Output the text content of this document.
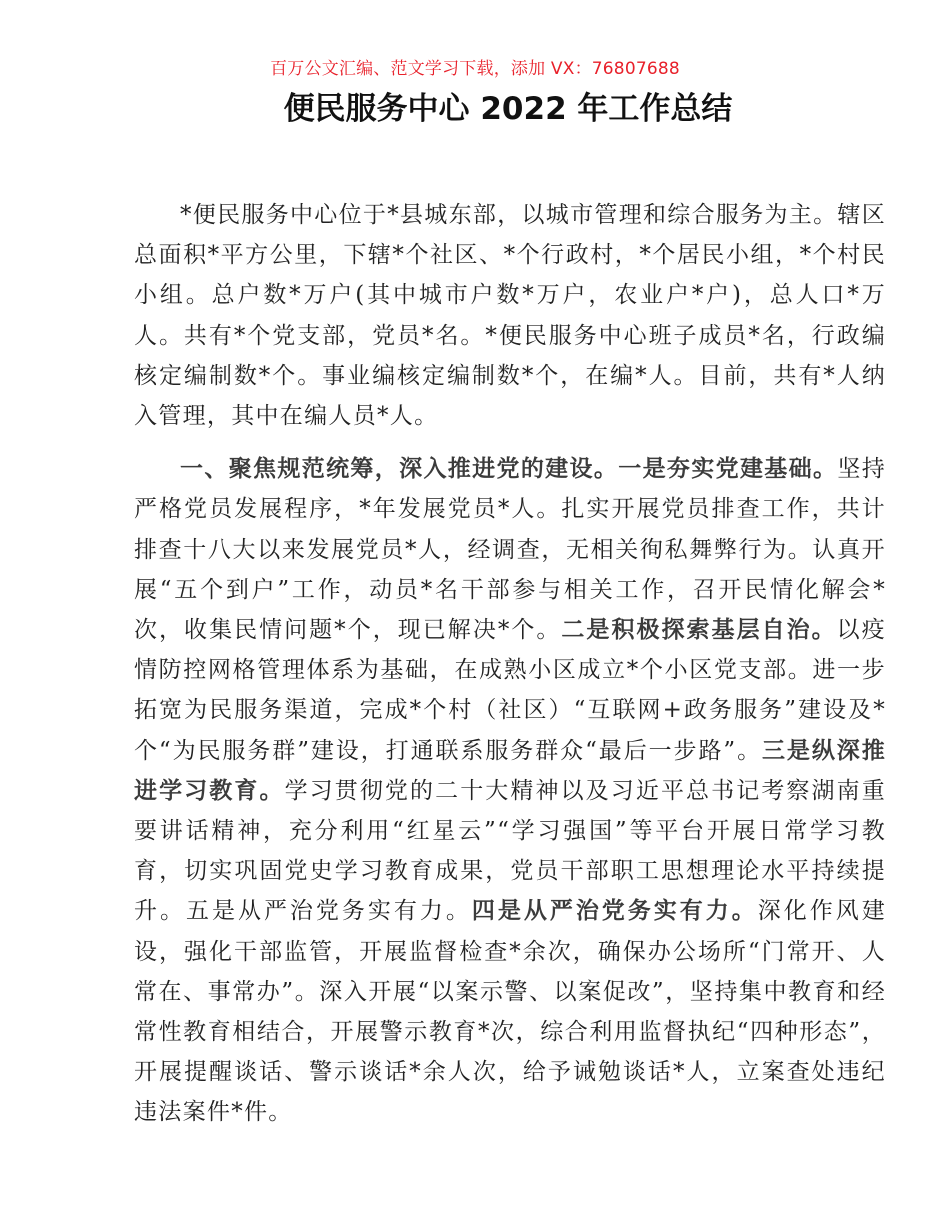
百万公文汇编、范文学习下载，添加 VX：76807688
便民服务中心 2022 年工作总结

*便民服务中心位于*县城东部，以城市管理和综合服务为主。辖区总面积*平方公里，下辖*个社区、*个行政村，*个居民小组，*个村民小组。总户数*万户(其中城市户数*万户，农业户*户)，总人口*万人。共有*个党支部，党员*名。*便民服务中心班子成员*名，行政编核定编制数*个。事业编核定编制数*个，在编*人。目前，共有*人纳入管理，其中在编人员*人。

一、聚焦规范统筹，深入推进党的建设。一是夯实党建基础。坚持严格党员发展程序，*年发展党员*人。扎实开展党员排查工作，共计排查十八大以来发展党员*人，经调查，无相关徇私舞弊行为。认真开展“五个到户”工作，动员*名干部参与相关工作，召开民情化解会*次，收集民情问题*个，现已解决*个。二是积极探索基层自治。以疫情防控网格管理体系为基础，在成熟小区成立*个小区党支部。进一步拓宽为民服务渠道，完成*个村（社区）“互联网+政务服务”建设及*个“为民服务群”建设，打通联系服务群众“最后一步路”。三是纵深推进学习教育。学习贯彻党的二十大精神以及习近平总书记考察湖南重要讲话精神，充分利用“红星云”“学习强国”等平台开展日常学习教育，切实巩固党史学习教育成果，党员干部职工思想理论水平持续提升。五是从严治党务实有力。四是从严治党务实有力。深化作风建设，强化干部监管，开展监督检查*余次，确保办公场所“门常开、人常在、事常办”。深入开展“以案示警、以案促改”，坚持集中教育和经常性教育相结合，开展警示教育*次，综合利用监督执纪“四种形态”，开展提醒谈话、警示谈话*余人次，给予诫勉谈话*人，立案查处违纪违法案件*件。
